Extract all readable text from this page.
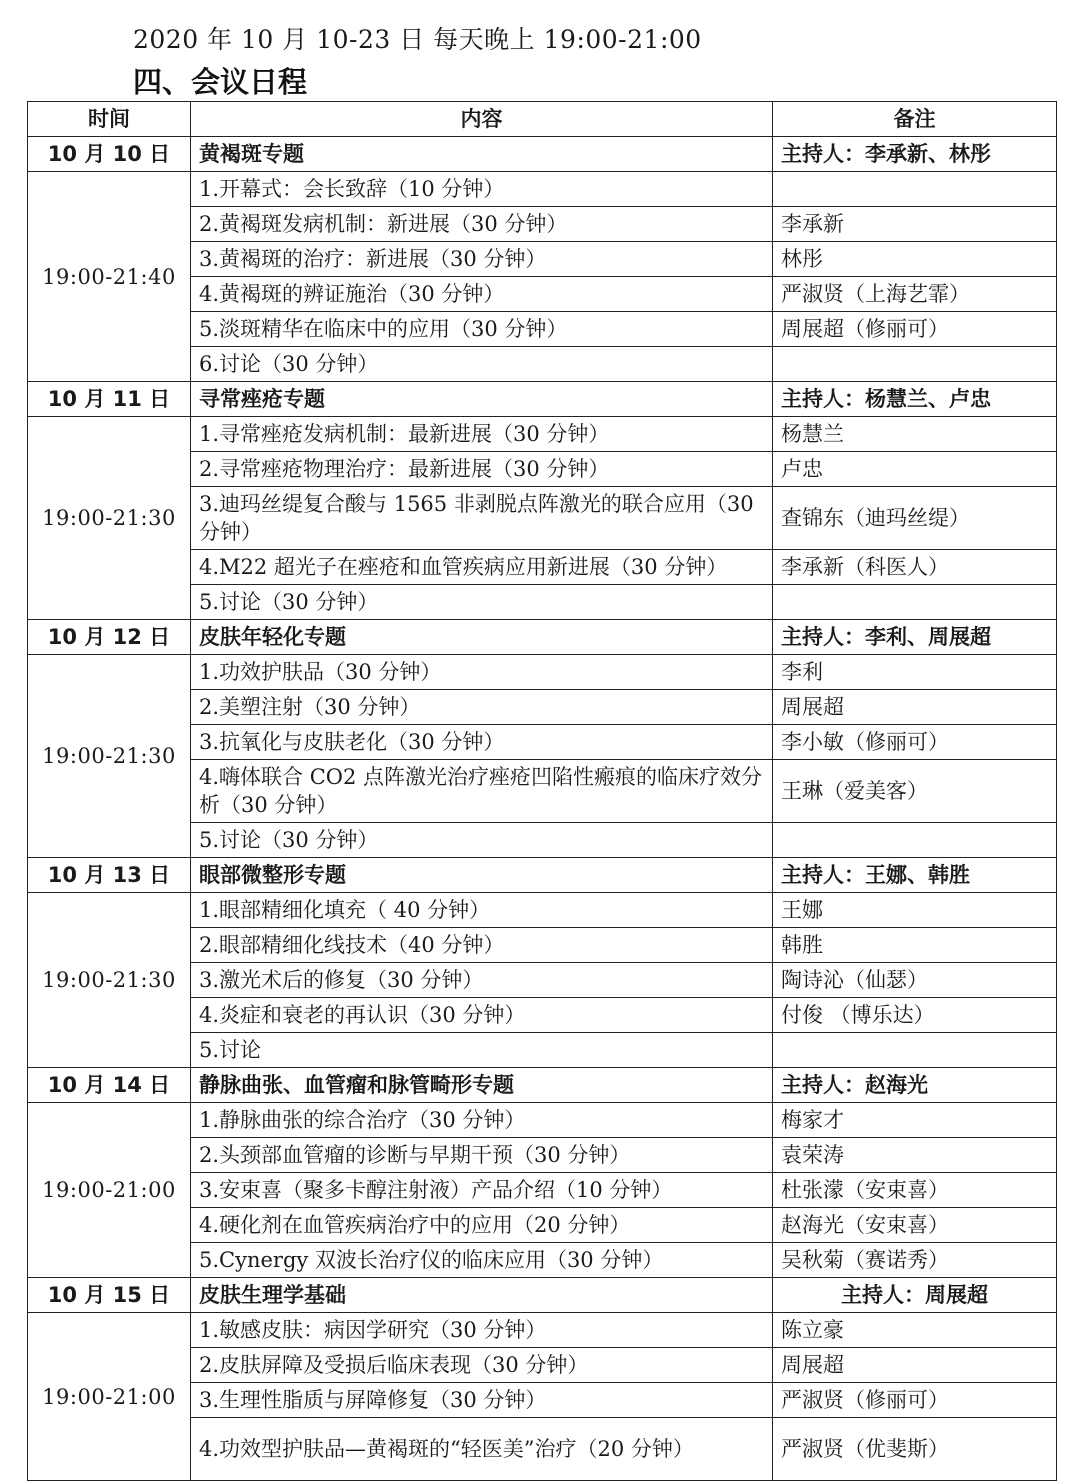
2020 年 10 月 10-23 日 每天晚上 19:00-21:00
四、会议日程
时间	内容	备注
10 月 10 日	黄褐斑专题	主持人：李承新、林彤
19:00-21:40	1.开幕式：会长致辞（10 分钟）	
	2.黄褐斑发病机制：新进展（30 分钟）	李承新
	3.黄褐斑的治疗：新进展（30 分钟）	林彤
	4.黄褐斑的辨证施治（30 分钟）	严淑贤（上海艺霏）
	5.淡斑精华在临床中的应用（30 分钟）	周展超（修丽可）
	6.讨论（30 分钟）	
10 月 11 日	寻常痤疮专题	主持人：杨慧兰、卢忠
19:00-21:30	1.寻常痤疮发病机制：最新进展（30 分钟）	杨慧兰
	2.寻常痤疮物理治疗：最新进展（30 分钟）	卢忠
	3.迪玛丝缇复合酸与 1565 非剥脱点阵激光的联合应用（30 分钟）	查锦东（迪玛丝缇）
	4.M22 超光子在痤疮和血管疾病应用新进展（30 分钟）	李承新（科医人）
	5.讨论（30 分钟）	
10 月 12 日	皮肤年轻化专题	主持人：李利、周展超
19:00-21:30	1.功效护肤品（30 分钟）	李利
	2.美塑注射（30 分钟）	周展超
	3.抗氧化与皮肤老化（30 分钟）	李小敏（修丽可）
	4.嗨体联合 CO2 点阵激光治疗痤疮凹陷性瘢痕的临床疗效分析（30 分钟）	王琳（爱美客）
	5.讨论（30 分钟）	
10 月 13 日	眼部微整形专题	主持人：王娜、韩胜
19:00-21:30	1.眼部精细化填充（ 40 分钟）	王娜
	2.眼部精细化线技术（40 分钟）	韩胜
	3.激光术后的修复（30 分钟）	陶诗沁（仙瑟）
	4.炎症和衰老的再认识（30 分钟）	付俊 （博乐达）
	5.讨论	
10 月 14 日	静脉曲张、血管瘤和脉管畸形专题	主持人：赵海光
19:00-21:00	1.静脉曲张的综合治疗（30 分钟）	梅家才
	2.头颈部血管瘤的诊断与早期干预（30 分钟）	袁荣涛
	3.安束喜（聚多卡醇注射液）产品介绍（10 分钟）	杜张濛（安束喜）
	4.硬化剂在血管疾病治疗中的应用（20 分钟）	赵海光（安束喜）
	5.Cynergy 双波长治疗仪的临床应用（30 分钟）	吴秋菊（赛诺秀）
10 月 15 日	皮肤生理学基础	主持人：周展超
19:00-21:00	1.敏感皮肤：病因学研究（30 分钟）	陈立豪
	2.皮肤屏障及受损后临床表现（30 分钟）	周展超
	3.生理性脂质与屏障修复（30 分钟）	严淑贤（修丽可）
	4.功效型护肤品—黄褐斑的“轻医美”治疗（20 分钟）	严淑贤（优斐斯）
